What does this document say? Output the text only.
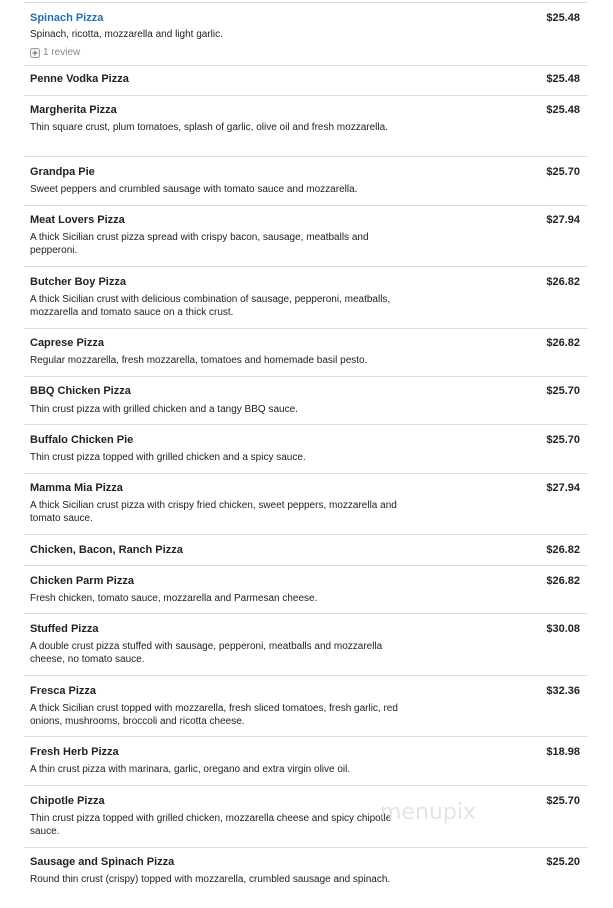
Spinach Pizza	$25.48
Spinach, ricotta, mozzarella and light garlic.
1 review
Penne Vodka Pizza	$25.48
Margherita Pizza	$25.48
Thin square crust, plum tomatoes, splash of garlic, olive oil and fresh mozzarella.
Grandpa Pie	$25.70
Sweet peppers and crumbled sausage with tomato sauce and mozzarella.
Meat Lovers Pizza	$27.94
A thick Sicilian crust pizza spread with crispy bacon, sausage, meatballs and pepperoni.
Butcher Boy Pizza	$26.82
A thick Sicilian crust with delicious combination of sausage, pepperoni, meatballs, mozzarella and tomato sauce on a thick crust.
Caprese Pizza	$26.82
Regular mozzarella, fresh mozzarella, tomatoes and homemade basil pesto.
BBQ Chicken Pizza	$25.70
Thin crust pizza with grilled chicken and a tangy BBQ sauce.
Buffalo Chicken Pie	$25.70
Thin crust pizza topped with grilled chicken and a spicy sauce.
Mamma Mia Pizza	$27.94
A thick Sicilian crust pizza with crispy fried chicken, sweet peppers, mozzarella and tomato sauce.
Chicken, Bacon, Ranch Pizza	$26.82
Chicken Parm Pizza	$26.82
Fresh chicken, tomato sauce, mozzarella and Parmesan cheese.
Stuffed Pizza	$30.08
A double crust pizza stuffed with sausage, pepperoni, meatballs and mozzarella cheese, no tomato sauce.
Fresca Pizza	$32.36
A thick Sicilian crust topped with mozzarella, fresh sliced tomatoes, fresh garlic, red onions, mushrooms, broccoli and ricotta cheese.
Fresh Herb Pizza	$18.98
A thin crust pizza with marinara, garlic, oregano and extra virgin olive oil.
Chipotle Pizza	$25.70
Thin crust pizza topped with grilled chicken, mozzarella cheese and spicy chipotle sauce.
Sausage and Spinach Pizza	$25.20
Round thin crust (crispy) topped with mozzarella, crumbled sausage and spinach.
menupix
